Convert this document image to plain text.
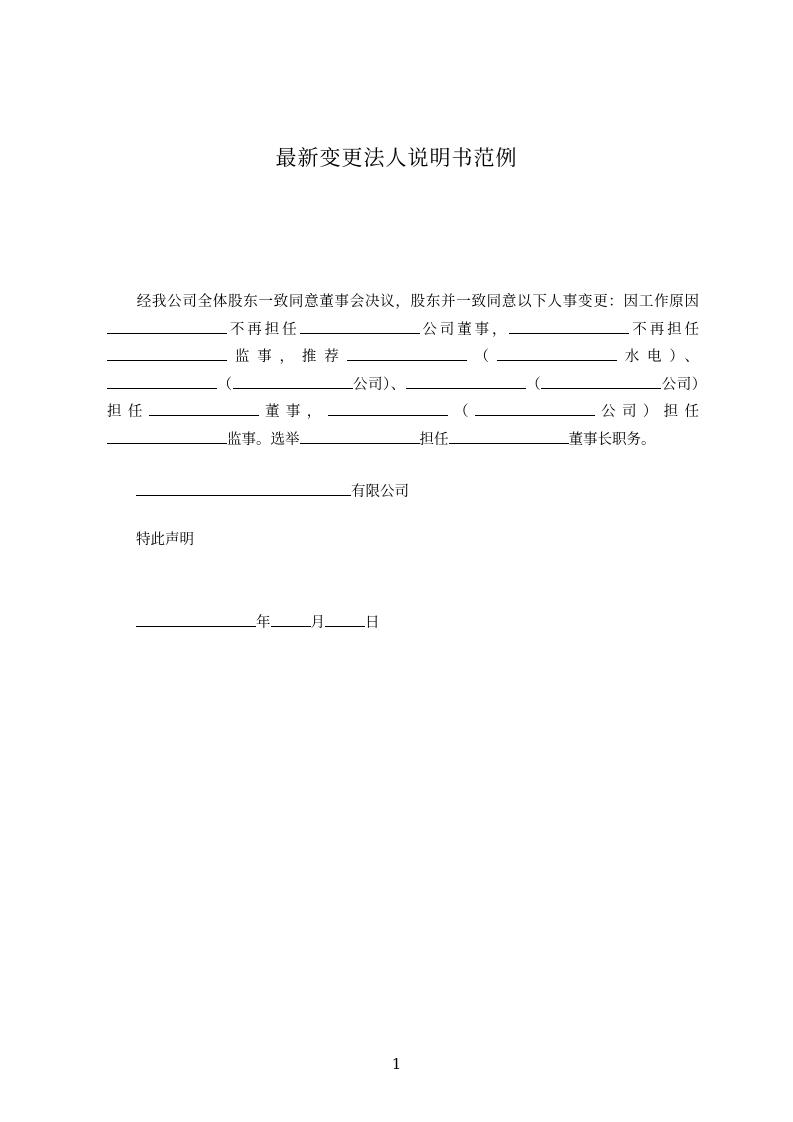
最新变更法人说明书范例

经我公司全体股东一致同意董事会决议，股东并一致同意以下人事变更：因工作原因不再担任	公司董事，	不再担任监事，推荐	（	水电）、（	公司）、	（	公司）担任	董事，	（	公司）担任监事。选举	担任	董事长职务。

有限公司
特此声明
年	月	日
1
